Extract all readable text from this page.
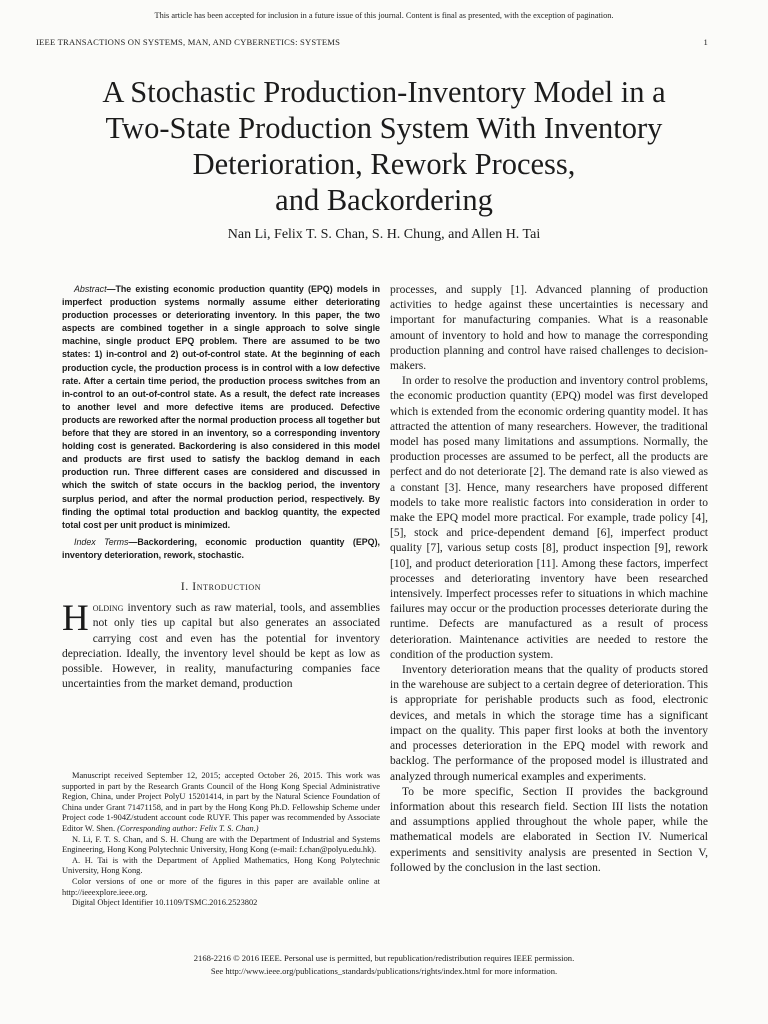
This article has been accepted for inclusion in a future issue of this journal. Content is final as presented, with the exception of pagination.
IEEE TRANSACTIONS ON SYSTEMS, MAN, AND CYBERNETICS: SYSTEMS	1
A Stochastic Production-Inventory Model in a
Two-State Production System With Inventory
Deterioration, Rework Process,
and Backordering
Nan Li, Felix T. S. Chan, S. H. Chung, and Allen H. Tai

Abstract—The existing economic production quantity (EPQ) models in imperfect production systems normally assume either deteriorating production processes or deteriorating inventory. In this paper, the two aspects are combined together in a single approach to solve single machine, single product EPQ problem. There are assumed to be two states: 1) in-control and 2) out-of-control state. At the beginning of each production cycle, the production process is in control with a low defective rate. After a certain time period, the production process switches from an in-control to an out-of-control state. As a result, the defect rate increases to another level and more defective items are produced. Defective products are reworked after the normal production process all together but before that they are stored in an inventory, so a corresponding inventory holding cost is generated. Backordering is also considered in this model and products are first used to satisfy the backlog demand in each production run. Three different cases are considered and discussed in which the switch of state occurs in the backlog period, the inventory surplus period, and after the normal production period, respectively. By finding the optimal total production and backlog quantity, the expected total cost per unit product is minimized.

Index Terms—Backordering, economic production quantity (EPQ), inventory deterioration, rework, stochastic.

I. Introduction

Holding inventory such as raw material, tools, and assemblies not only ties up capital but also generates an associated carrying cost and even has the potential for inventory depreciation. Ideally, the inventory level should be kept as low as possible. However, in reality, manufacturing companies face uncertainties from the market demand, production

Manuscript received September 12, 2015; accepted October 26, 2015. This work was supported in part by the Research Grants Council of the Hong Kong Special Administrative Region, China, under Project PolyU 15201414, in part by the Natural Science Foundation of China under Grant 71471158, and in part by the Hong Kong Ph.D. Fellowship Scheme under Project code 1-904Z/student account code RUYF. This paper was recommended by Associate Editor W. Shen. (Corresponding author: Felix T. S. Chan.)

N. Li, F. T. S. Chan, and S. H. Chung are with the Department of Industrial and Systems Engineering, Hong Kong Polytechnic University, Hong Kong (e-mail: f.chan@polyu.edu.hk).

A. H. Tai is with the Department of Applied Mathematics, Hong Kong Polytechnic University, Hong Kong.

Color versions of one or more of the figures in this paper are available online at http://ieeexplore.ieee.org.

Digital Object Identifier 10.1109/TSMC.2016.2523802

processes, and supply [1]. Advanced planning of production activities to hedge against these uncertainties is necessary and important for manufacturing companies. What is a reasonable amount of inventory to hold and how to manage the corresponding production planning and control have raised challenges to decision-makers.

In order to resolve the production and inventory control problems, the economic production quantity (EPQ) model was first developed which is extended from the economic ordering quantity model. It has attracted the attention of many researchers. However, the traditional model has posed many limitations and assumptions. Normally, the production processes are assumed to be perfect, all the products are perfect and do not deteriorate [2]. The demand rate is also viewed as a constant [3]. Hence, many researchers have proposed different models to take more realistic factors into consideration in order to make the EPQ model more practical. For example, trade policy [4], [5], stock and price-dependent demand [6], imperfect product quality [7], various setup costs [8], product inspection [9], rework [10], and product deterioration [11]. Among these factors, imperfect processes and deteriorating inventory have been researched intensively. Imperfect processes refer to situations in which machine failures may occur or the production processes deteriorate during the runtime. Defects are manufactured as a result of process deterioration. Maintenance activities are needed to restore the condition of the production system.

Inventory deterioration means that the quality of products stored in the warehouse are subject to a certain degree of deterioration. This is appropriate for perishable products such as food, electronic devices, and metals in which the storage time has a significant impact on the quality. This paper first looks at both the inventory and processes deterioration in the EPQ model with rework and backlog. The performance of the proposed model is illustrated and analyzed through numerical examples and experiments.

To be more specific, Section II provides the background information about this research field. Section III lists the notation and assumptions applied throughout the whole paper, while the mathematical models are elaborated in Section IV. Numerical experiments and sensitivity analysis are presented in Section V, followed by the conclusion in the last section.

2168-2216 © 2016 IEEE. Personal use is permitted, but republication/redistribution requires IEEE permission.
See http://www.ieee.org/publications_standards/publications/rights/index.html for more information.
